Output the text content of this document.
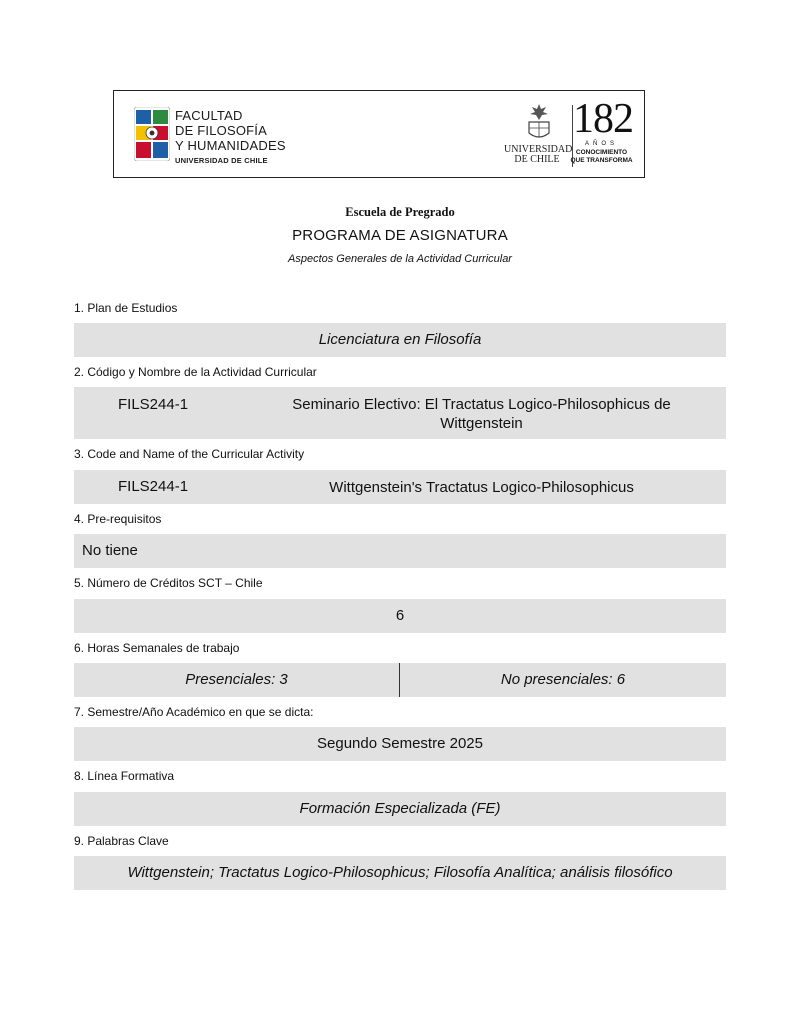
FACULTAD
DE FILOSOFÍA
Y HUMANIDADES
UNIVERSIDAD DE CHILE
UNIVERSIDAD
DE CHILE
182
AÑOS
CONOCIMIENTO
QUE TRANSFORMA
Escuela de Pregrado
PROGRAMA DE ASIGNATURA
Aspectos Generales de la Actividad Curricular
1. Plan de Estudios
Licenciatura en Filosofía
2. Código y Nombre de la Actividad Curricular
FILS244-1	Seminario Electivo: El Tractatus Logico-Philosophicus de Wittgenstein
3. Code and Name of the Curricular Activity
FILS244-1	Wittgenstein's Tractatus Logico-Philosophicus
4. Pre-requisitos
No tiene
5. Número de Créditos SCT – Chile
6
6. Horas Semanales de trabajo
Presenciales: 3	No presenciales: 6
7. Semestre/Año Académico en que se dicta:
Segundo Semestre 2025
8. Línea Formativa
Formación Especializada (FE)
9. Palabras Clave
Wittgenstein; Tractatus Logico-Philosophicus; Filosofía Analítica; análisis filosófico
